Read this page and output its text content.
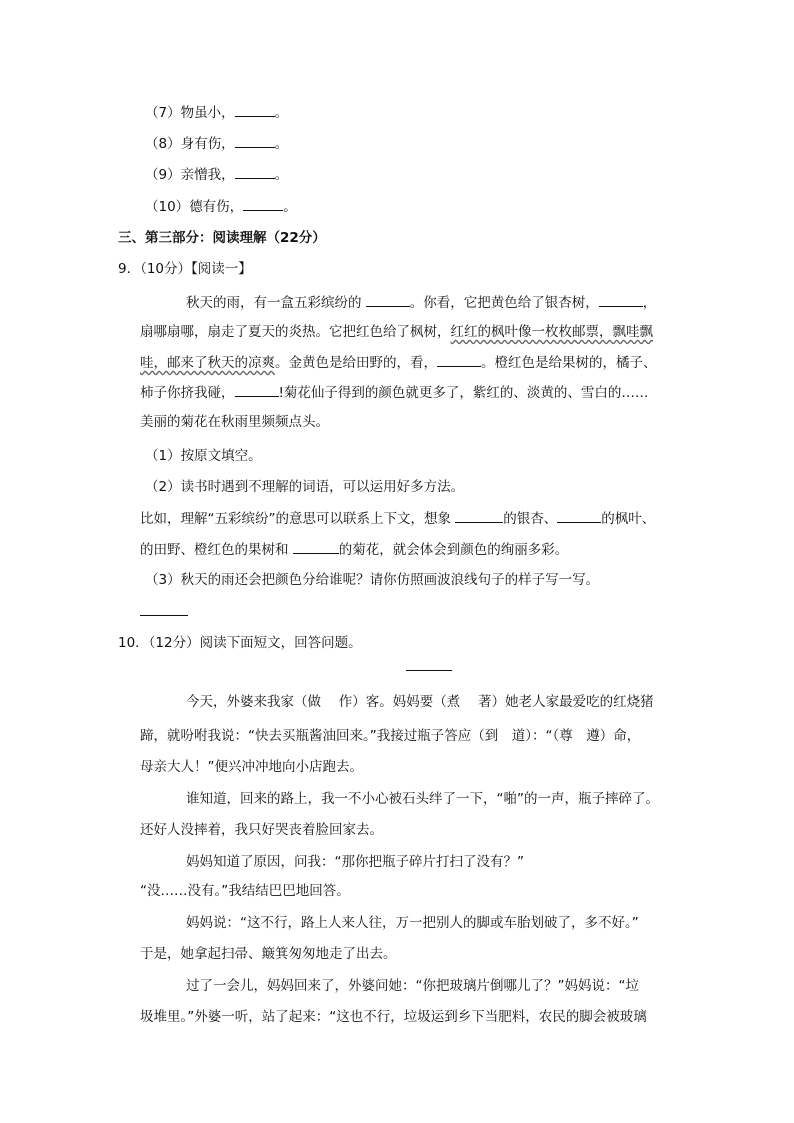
（7）物虽小，	。
（8）身有伤，	。
（9）亲憎我，	。
（10）德有伤，	。
三、第三部分：阅读理解（22分）
9．（10分）【阅读一】
秋天的雨，有一盒五彩缤纷的	。你看，它把黄色给了银杏树，	，
扇哪扇哪，扇走了夏天的炎热。它把红色给了枫树，红红的枫叶像一枚枚邮票，飘哇飘
哇，邮来了秋天的凉爽。金黄色是给田野的，看，	。橙红色是给果树的，橘子、
柿子你挤我碰，	!菊花仙子得到的颜色就更多了，紫红的、淡黄的、雪白的……
美丽的菊花在秋雨里频频点头。
（1）按原文填空。
（2）读书时遇到不理解的词语，可以运用好多方法。
比如，理解“五彩缤纷”的意思可以联系上下文，想象	的银杏、	的枫叶、
的田野、橙红色的果树和	的菊花，就会体会到颜色的绚丽多彩。
（3）秋天的雨还会把颜色分给谁呢？请你仿照画波浪线句子的样子写一写。
10．（12分）阅读下面短文，回答问题。
今天，外婆来我家（做　 作）客。妈妈要（煮　 著）她老人家最爱吃的红烧猪
蹄，就吩咐我说：“快去买瓶酱油回来。”我接过瓶子答应（到　道）：“（尊　遵）命，
母亲大人！”便兴冲冲地向小店跑去。
谁知道，回来的路上，我一不小心被石头绊了一下，“啪”的一声，瓶子摔碎了。
还好人没摔着，我只好哭丧着脸回家去。
妈妈知道了原因，问我：“那你把瓶子碎片打扫了没有？”
“没……没有。”我结结巴巴地回答。
妈妈说：“这不行，路上人来人往，万一把别人的脚或车胎划破了，多不好。”
于是，她拿起扫帚、簸箕匆匆地走了出去。
过了一会儿，妈妈回来了，外婆问她：“你把玻璃片倒哪儿了？”妈妈说：“垃
圾堆里。”外婆一听，站了起来：“这也不行，垃圾运到乡下当肥料，农民的脚会被玻璃
